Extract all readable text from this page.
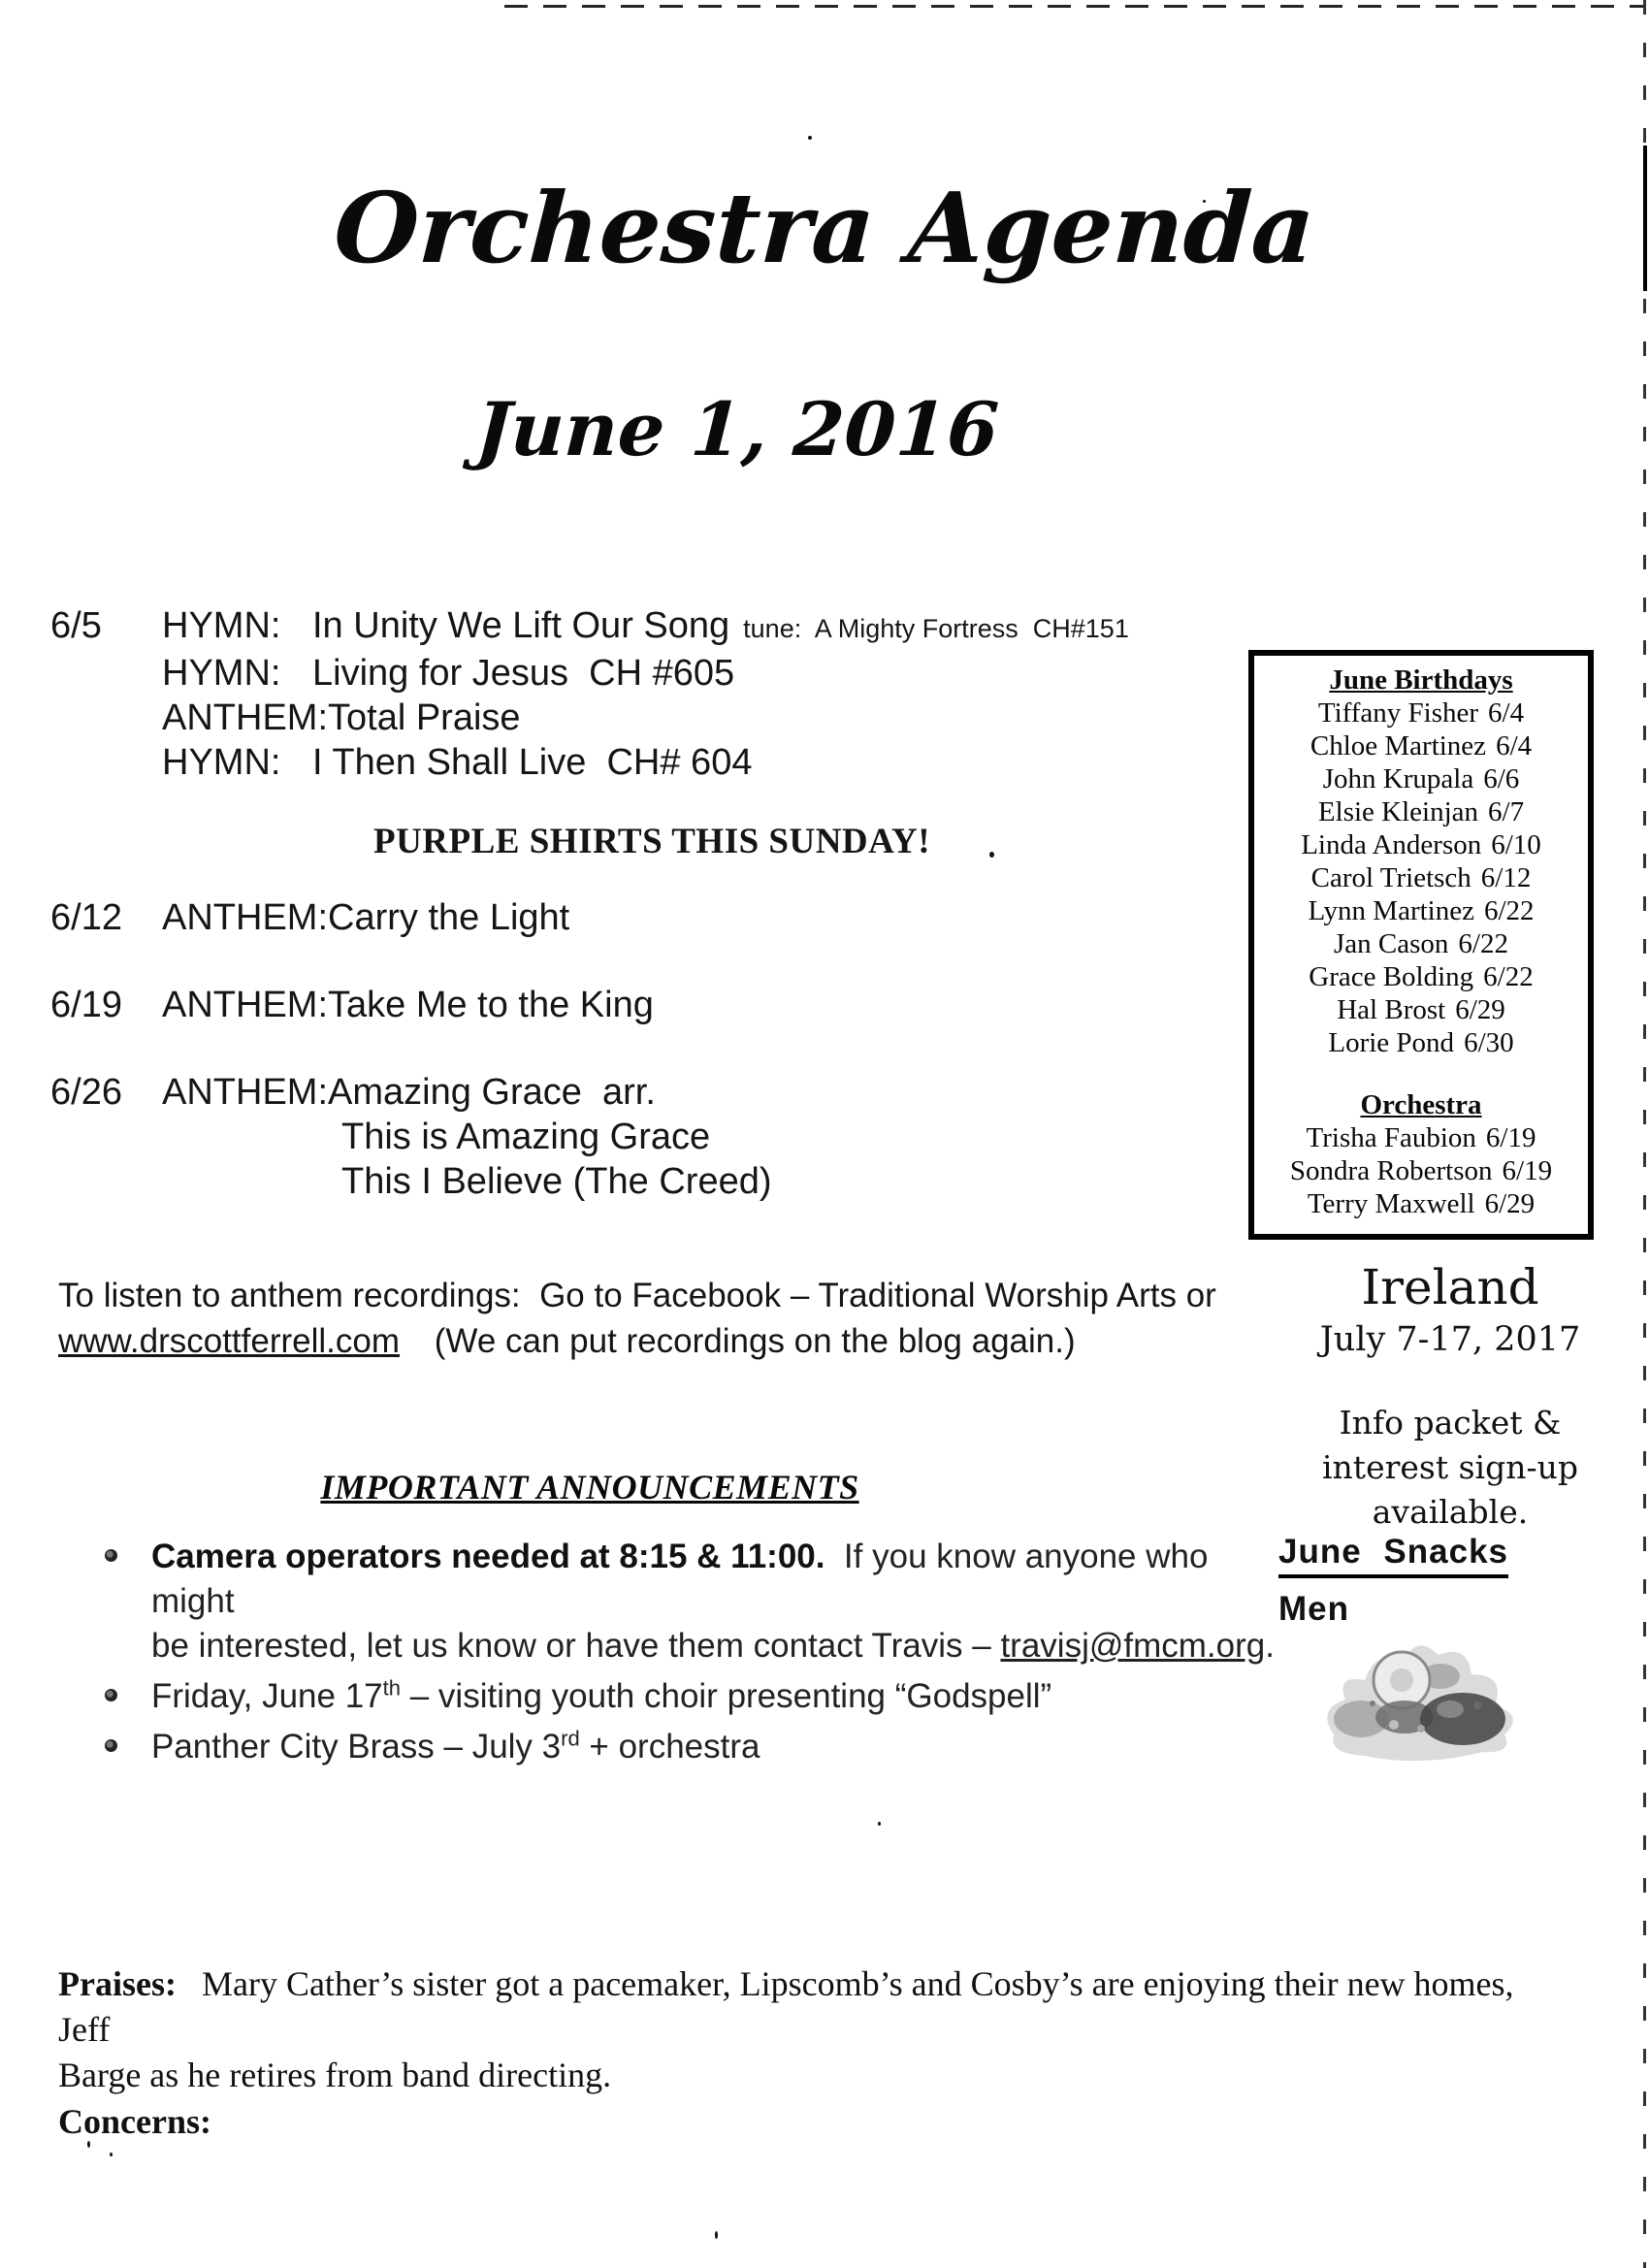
Orchestra Agenda
June 1, 2016
6/5	HYMN: In Unity We Lift Our Song tune:  A Mighty Fortress  CH#151
HYMN: Living for Jesus  CH #605
ANTHEM: Total Praise
HYMN: I Then Shall Live  CH# 604
PURPLE SHIRTS THIS SUNDAY!
6/12	ANTHEM: Carry the Light
6/19	ANTHEM: Take Me to the King
6/26	ANTHEM: Amazing Grace  arr.
This is Amazing Grace
This I Believe (The Creed)
June Birthdays
Tiffany Fisher 6/4
Chloe Martinez 6/4
John Krupala 6/6
Elsie Kleinjan 6/7
Linda Anderson 6/10
Carol Trietsch 6/12
Lynn Martinez 6/22
Jan Cason 6/22
Grace Bolding 6/22
Hal Brost 6/29
Lorie Pond 6/30
Orchestra
Trisha Faubion 6/19
Sondra Robertson 6/19
Terry Maxwell 6/29
To listen to anthem recordings:  Go to Facebook – Traditional Worship Arts or
www.drscottferrell.com (We can put recordings on the blog again.)
Ireland
July 7-17, 2017
Info packet & interest sign-up available.
IMPORTANT ANNOUNCEMENTS
Camera operators needed at 8:15 & 11:00.  If you know anyone who might
be interested, let us know or have them contact Travis – travisj@fmcm.org.
Friday, June 17th – visiting youth choir presenting “Godspell”
Panther City Brass – July 3rd + orchestra
June Snacks
Men
Praises: Mary Cather’s sister got a pacemaker, Lipscomb’s and Cosby’s are enjoying their new homes, Jeff
Barge as he retires from band directing.
Concerns:
